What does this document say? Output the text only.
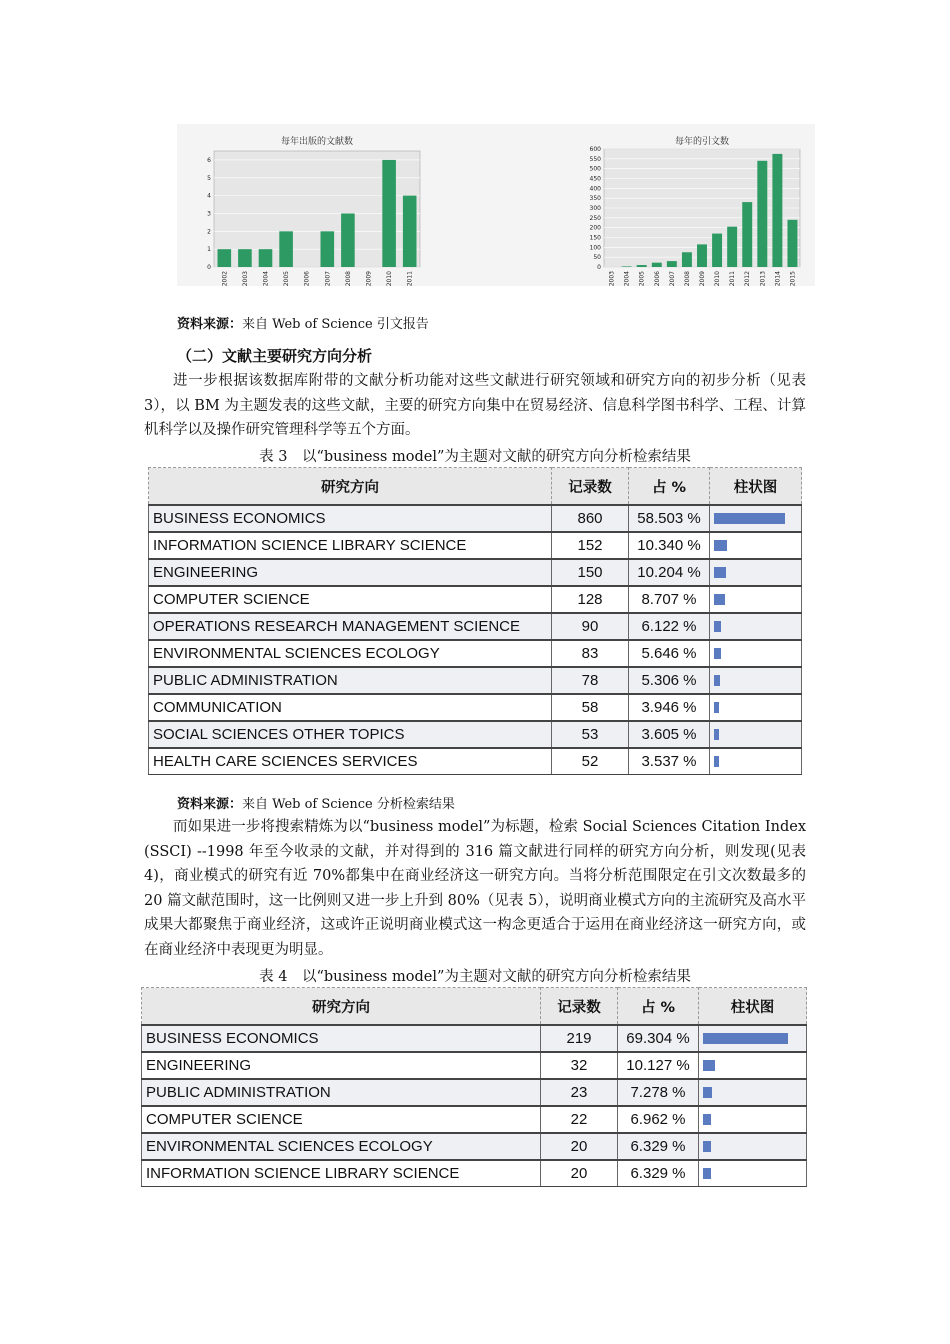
每年出版的文献数
0
1
2
3
4
5
6
2002 2003 2004 2005 2006 2007 2008 2009 2010 2011
每年的引文数
0
50
100
150
200
250
300
350
400
450
500
550
600
2003 2004 2005 2006 2007 2008 2009 2010 2011 2012 2013 2014 2015
资料来源：来自 Web of Science 引文报告
（二）文献主要研究方向分析

进一步根据该数据库附带的文献分析功能对这些文献进行研究领域和研究方向的初步分析（见表 3），以 BM 为主题发表的这些文献，主要的研究方向集中在贸易经济、信息科学图书科学、工程、计算机科学以及操作研究管理科学等五个方面。

表 3　以“business model”为主题对文献的研究方向分析检索结果
研究方向	记录数	占 %	柱状图
BUSINESS ECONOMICS	860	58.503 %	

INFORMATION SCIENCE LIBRARY SCIENCE	152	10.340 %	

ENGINEERING	150	10.204 %	

COMPUTER SCIENCE	128	8.707 %	

OPERATIONS RESEARCH MANAGEMENT SCIENCE	90	6.122 %	

ENVIRONMENTAL SCIENCES ECOLOGY	83	5.646 %	

PUBLIC ADMINISTRATION	78	5.306 %	

COMMUNICATION	58	3.946 %	

SOCIAL SCIENCES OTHER TOPICS	53	3.605 %	

HEALTH CARE SCIENCES SERVICES	52	3.537 %	
资料来源：来自 Web of Science 分析检索结果

而如果进一步将搜索精炼为以“business model”为标题，检索 Social Sciences Citation Index (SSCI) --1998 年至今收录的文献，并对得到的 316 篇文献进行同样的研究方向分析，则发现(见表 4)，商业模式的研究有近 70%都集中在商业经济这一研究方向。当将分析范围限定在引文次数最多的 20 篇文献范围时，这一比例则又进一步上升到 80%（见表 5），说明商业模式方向的主流研究及高水平成果大都聚焦于商业经济，这或许正说明商业模式这一构念更适合于运用在商业经济这一研究方向，或在商业经济中表现更为明显。

表 4　以“business model”为主题对文献的研究方向分析检索结果
研究方向	记录数	占 %	柱状图
BUSINESS ECONOMICS	219	69.304 %	

ENGINEERING	32	10.127 %	

PUBLIC ADMINISTRATION	23	7.278 %	

COMPUTER SCIENCE	22	6.962 %	

ENVIRONMENTAL SCIENCES ECOLOGY	20	6.329 %	

INFORMATION SCIENCE LIBRARY SCIENCE	20	6.329 %	
